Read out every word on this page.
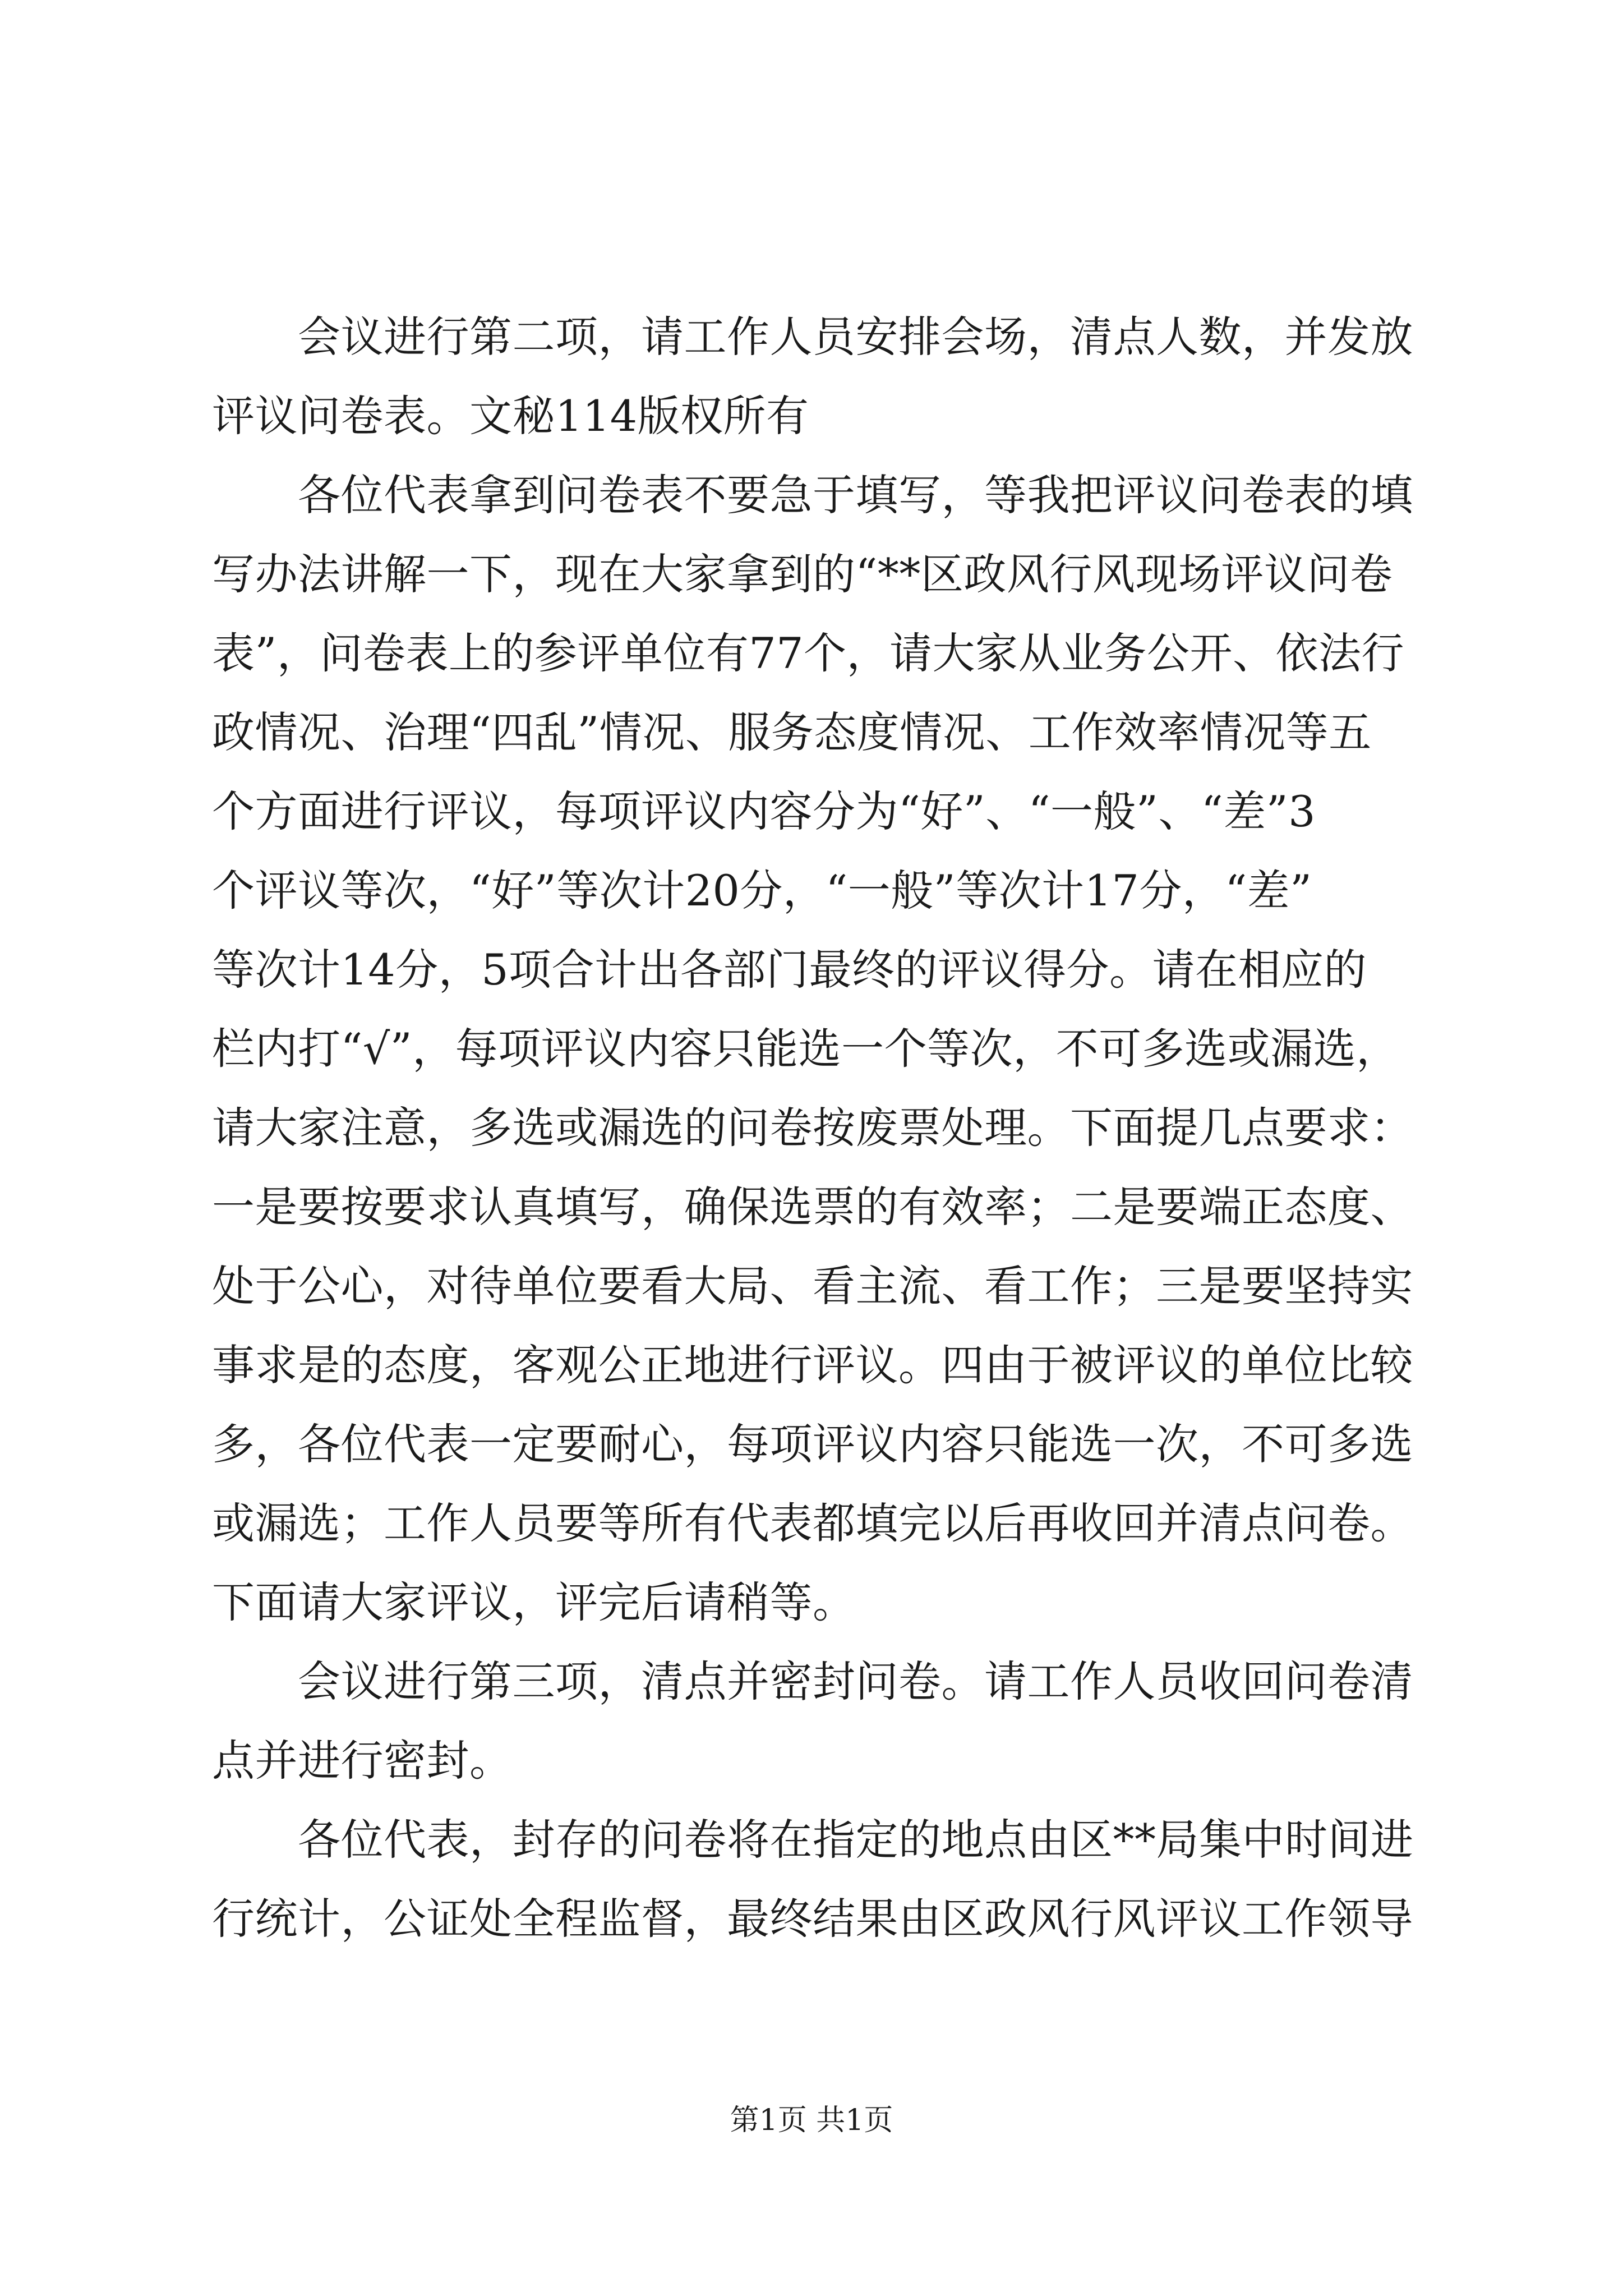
　　会议进行第二项，请工作人员安排会场，清点人数，并发放
评议问卷表。文秘114版权所有
　　各位代表拿到问卷表不要急于填写，等我把评议问卷表的填
写办法讲解一下，现在大家拿到的“**区政风行风现场评议问卷
表”，问卷表上的参评单位有77个，请大家从业务公开、依法行
政情况、治理“四乱”情况、服务态度情况、工作效率情况等五
个方面进行评议，每项评议内容分为“好”、“一般”、“差”3
个评议等次，“好”等次计20分，“一般”等次计17分，“差”
等次计14分，5项合计出各部门最终的评议得分。请在相应的
栏内打“√”，每项评议内容只能选一个等次，不可多选或漏选，
请大家注意，多选或漏选的问卷按废票处理。下面提几点要求：
一是要按要求认真填写，确保选票的有效率；二是要端正态度、
处于公心，对待单位要看大局、看主流、看工作；三是要坚持实
事求是的态度，客观公正地进行评议。四由于被评议的单位比较
多，各位代表一定要耐心，每项评议内容只能选一次，不可多选
或漏选；工作人员要等所有代表都填完以后再收回并清点问卷。
下面请大家评议，评完后请稍等。
　　会议进行第三项，清点并密封问卷。请工作人员收回问卷清
点并进行密封。
　　各位代表，封存的问卷将在指定的地点由区**局集中时间进
行统计，公证处全程监督，最终结果由区政风行风评议工作领导
第1页 共1页
